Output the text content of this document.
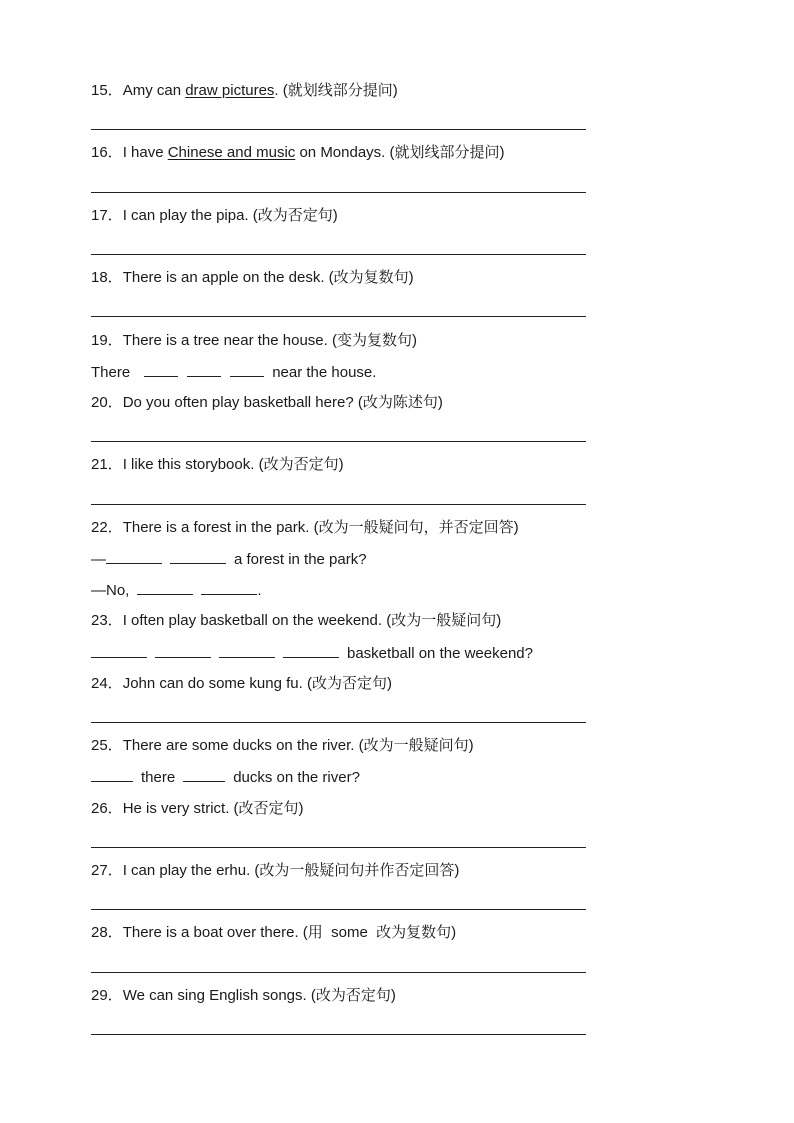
15．Amy can draw pictures. (就划线部分提问)
16．I have Chinese and music on Mondays. (就划线部分提问)
17．I can play the pipa. (改为否定句)
18．There is an apple on the desk. (改为复数句)
19．There is a tree near the house. (变为复数句)
There	near the house.
20．Do you often play basketball here? (改为陈述句)
21．I like this storybook. (改为否定句)
22．There is a forest in the park. (改为一般疑问句，并否定回答)
—	a forest in the park?
—No,	.
23．I often play basketball on the weekend. (改为一般疑问句)
basketball on the weekend?
24．John can do some kung fu. (改为否定句)
25．There are some ducks on the river. (改为一般疑问句)
there	ducks on the river?
26．He is very strict. (改否定句)
27．I can play the erhu. (改为一般疑问句并作否定回答)
28．There is a boat over there. (用  some  改为复数句)
29．We can sing English songs. (改为否定句)
